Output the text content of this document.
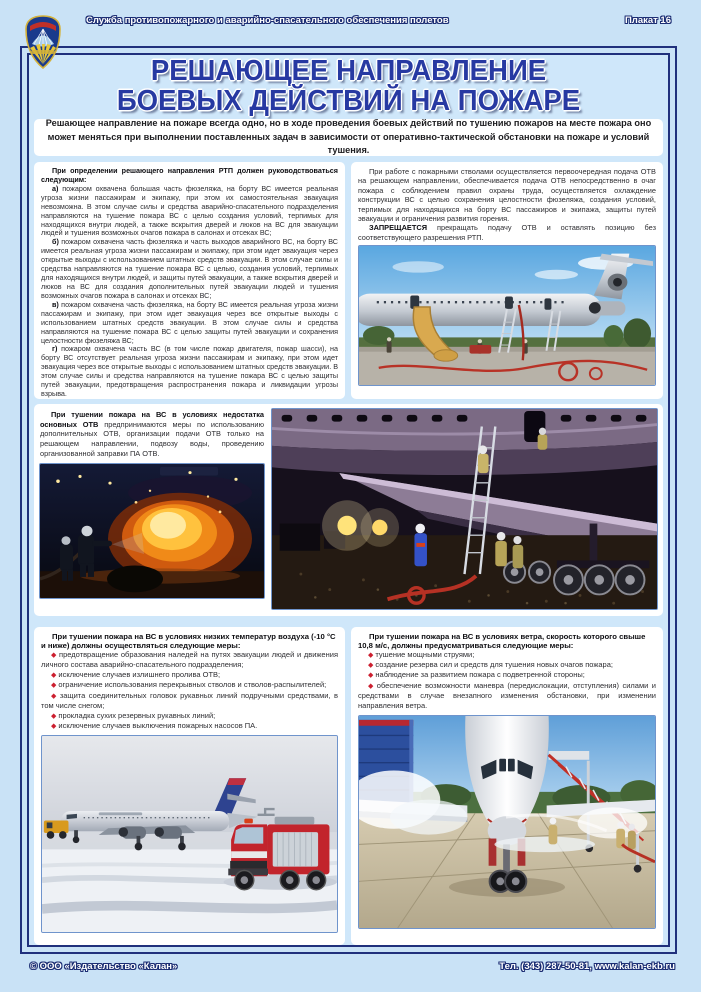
Служба противопожарного и аварийно-спасательного обеспечения полетов	Плакат 16
РЕШАЮЩЕЕ НАПРАВЛЕНИЕ
БОЕВЫХ ДЕЙСТВИЙ НА ПОЖАРЕ

Решающее направление на пожаре всегда одно, но в ходе проведения боевых действий по тушению пожаров на месте пожара оно может меняться при выполнении поставленных задач в зависимости от оперативно-тактической обстановки на пожаре и условий тушения.

При определении решающего направления РТП должен руководствоваться следующим:

а) пожаром охвачена большая часть фюзеляжа, на борту ВС имеется реальная угроза жизни пассажирам и экипажу, при этом их самостоятельная эвакуация невозможна. В этом случае силы и средства аварийно-спасательного подразделения направляются на тушение пожара ВС с целью создания условий, терпимых для находящихся внутри людей, а также вскрытия дверей и люков на ВС для эвакуации людей и тушения возможных очагов пожара в салонах и отсеках ВС;

б) пожаром охвачена часть фюзеляжа и часть выходов аварийного ВС, на борту ВС имеется реальная угроза жизни пассажирам и экипажу, при этом идет эвакуация через открытые выходы с использованием штатных средств эвакуации. В этом случае силы и средства направляются на тушение пожара ВС с целью, создания условий, терпимых для находящихся внутри людей, и защиты путей эвакуации, а также вскрытия дверей и люков на ВС для создания дополнительных путей эвакуации людей и тушения возможных очагов пожара в салонах и отсеках ВС;

в) пожаром охвачена часть фюзеляжа, на борту ВС имеется реальная угроза жизни пассажирам и экипажу, при этом идет эвакуация через все открытые выходы с использованием штатных средств эвакуации. В этом случае силы и средства направляются на тушение пожара ВС с целью защиты путей эвакуации и сохранения целостности фюзеляжа ВС;

г) пожаром охвачена часть ВС (в том числе пожар двигателя, пожар шасси), на борту ВС отсутствует реальная угроза жизни пассажирам и экипажу, при этом идет эвакуация через все открытые выходы с использованием штатных средств эвакуации. В этом случае силы и средства направляются на тушение пожара ВС с целью защиты путей эвакуации, предотвращения распространения пожара и ликвидации угрозы взрыва.

При работе с пожарными стволами осуществляется первоочередная подача ОТВ на решающем направлении, обеспечивается подача ОТВ непосредственно в очаг пожара с соблюдением правил охраны труда, осуществляется охлаждение конструкции ВС с целью сохранения целостности фюзеляжа, создания условий, терпимых для находящихся на борту ВС пассажиров и экипажа, защиты путей эвакуации и ограничения развития горения.

ЗАПРЕЩАЕТСЯ прекращать подачу ОТВ и оставлять позицию без соответствующего разрешения РТП.

При тушении пожара на ВС в условиях недостатка основных ОТВ предпринимаются меры по использованию дополнительных ОТВ, организации подачи ОТВ только на решающем направлении, подвозу воды, проведению организованной заправки ПА ОТВ.

При тушении пожара на ВС в условиях низких температур воздуха (-10 °С и ниже) должны осуществляться следующие меры:

◆ предотвращение образования наледей на путях эвакуации людей и движения личного состава аварийно-спасательного подразделения;
◆ исключение случаев излишнего пролива ОТВ;
◆ ограничение использования перекрывных стволов и стволов-распылителей;
◆ защита соединительных головок рукавных линий подручными средствами, в том числе снегом;
◆ прокладка сухих резервных рукавных линий;
◆ исключение случаев выключения пожарных насосов ПА.

При тушении пожара на ВС в условиях ветра, скорость которого свыше 10,8 м/с, должны предусматриваться следующие меры:

◆ тушение мощными струями;
◆ создание резерва сил и средств для тушения новых очагов пожара;
◆ наблюдение за развитием пожара с подветренной стороны;
◆ обеспечение возможности маневра (передислокации, отступления) силами и средствами в случае внезапного изменения обстановки, при изменении направления ветра.
© ООО «Издательство «Калан»	Тел. (343) 287-50-81, www.kalan-ekb.ru
